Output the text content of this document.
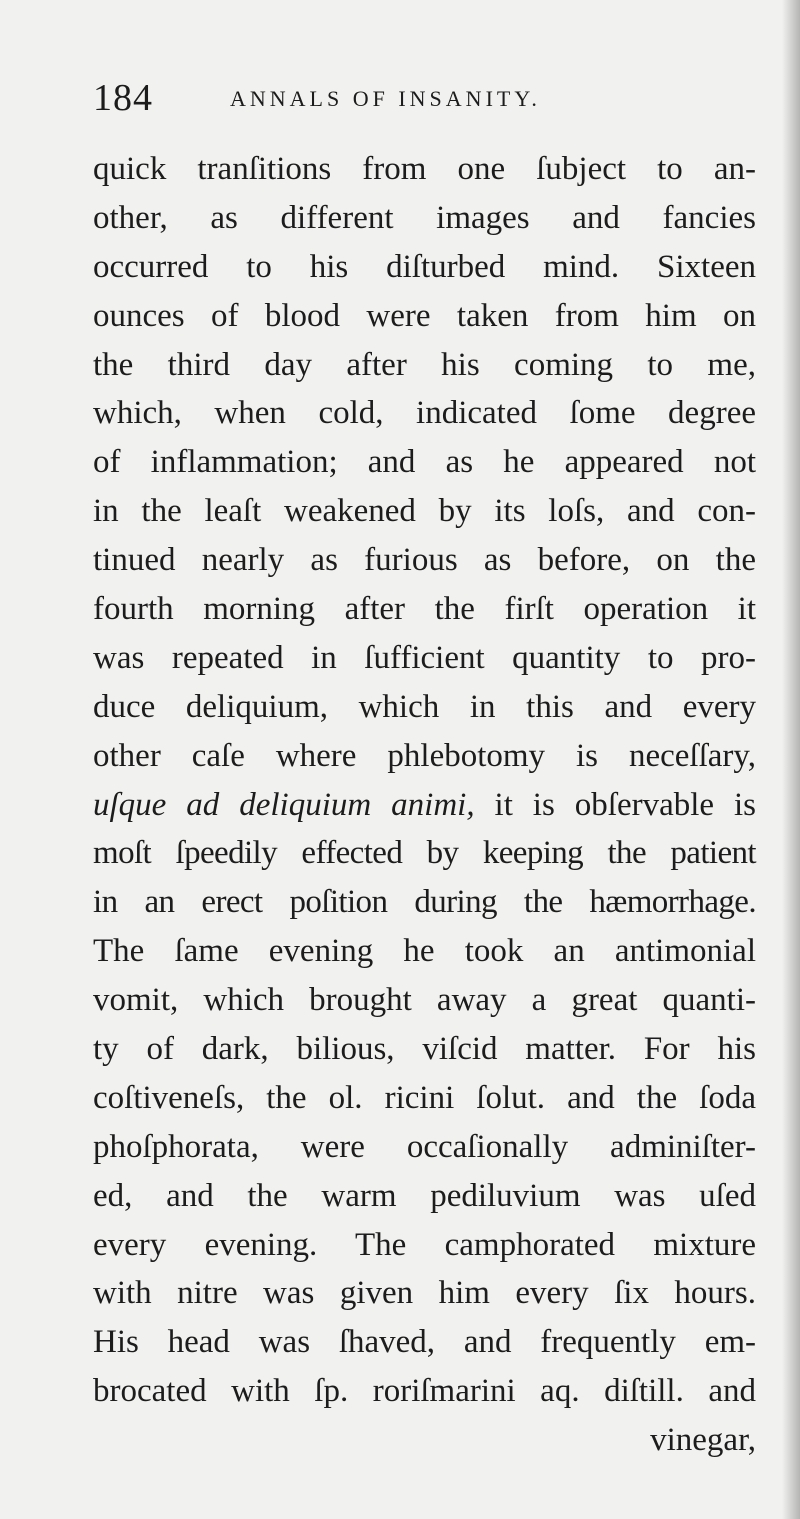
184	ANNALS OF INSANITY.
quick tranſitions from one ſubject to an-
other, as different images and fancies
occurred to his diſturbed mind. Sixteen
ounces of blood were taken from him on
the third day after his coming to me,
which, when cold, indicated ſome degree
of inflammation; and as he appeared not
in the leaſt weakened by its loſs, and con-
tinued nearly as furious as before, on the
fourth morning after the firſt operation it
was repeated in ſufficient quantity to pro-
duce deliquium, which in this and every
other caſe where phlebotomy is neceſſary,
uſque ad deliquium animi, it is obſervable is
moſt ſpeedily effected by keeping the patient
in an erect poſition during the hæmorrhage.
The ſame evening he took an antimonial
vomit, which brought away a great quanti-
ty of dark, bilious, viſcid matter. For his
coſtiveneſs, the ol. ricini ſolut. and the ſoda
phoſphorata, were occaſionally adminiſter-
ed, and the warm pediluvium was uſed
every evening. The camphorated mixture
with nitre was given him every ſix hours.
His head was ſhaved, and frequently em-
brocated with ſp. roriſmarini aq. diſtill. and
vinegar,
